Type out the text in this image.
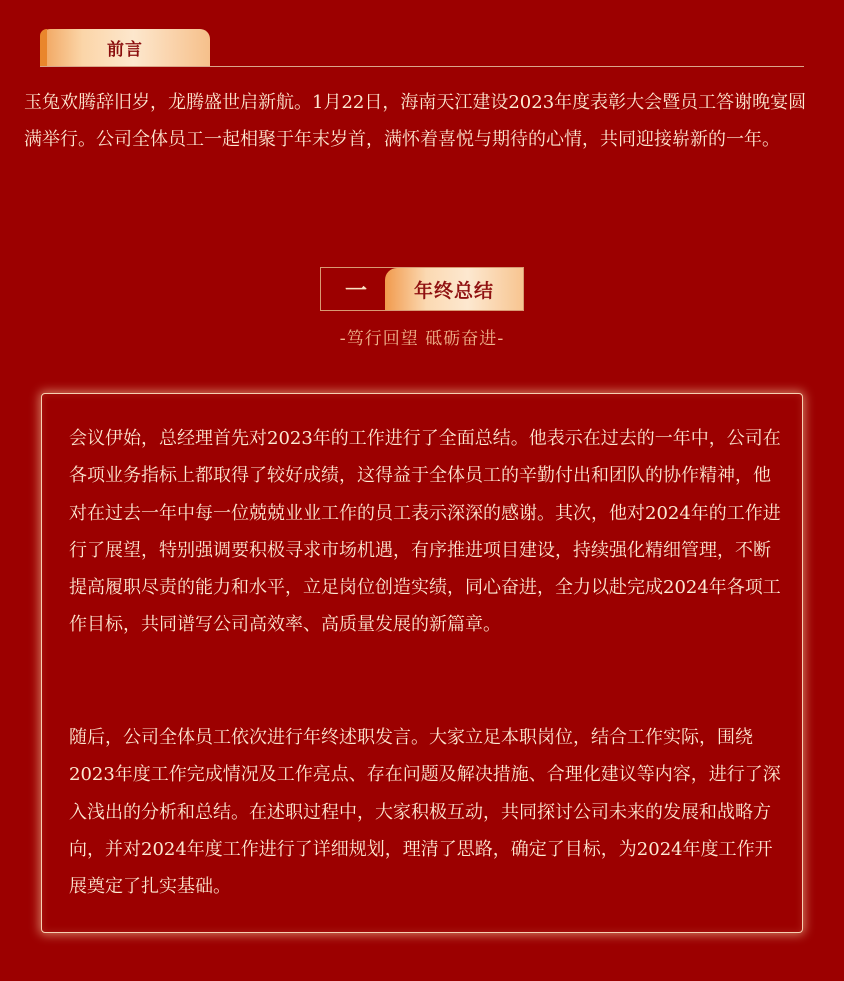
前言

玉兔欢腾辞旧岁，龙腾盛世启新航。1月22日，海南天江建设2023年度表彰大会暨员工答谢晚宴圆满举行。公司全体员工一起相聚于年末岁首，满怀着喜悦与期待的心情，共同迎接崭新的一年。

一	年终总结
-笃行回望 砥砺奋进-

会议伊始，总经理首先对2023年的工作进行了全面总结。他表示在过去的一年中，公司在各项业务指标上都取得了较好成绩，这得益于全体员工的辛勤付出和团队的协作精神，他对在过去一年中每一位兢兢业业工作的员工表示深深的感谢。其次，他对2024年的工作进行了展望，特别强调要积极寻求市场机遇，有序推进项目建设，持续强化精细管理，不断提高履职尽责的能力和水平，立足岗位创造实绩，同心奋进，全力以赴完成2024年各项工作目标，共同谱写公司高效率、高质量发展的新篇章。

随后，公司全体员工依次进行年终述职发言。大家立足本职岗位，结合工作实际，围绕2023年度工作完成情况及工作亮点、存在问题及解决措施、合理化建议等内容，进行了深入浅出的分析和总结。在述职过程中，大家积极互动，共同探讨公司未来的发展和战略方向，并对2024年度工作进行了详细规划，理清了思路，确定了目标，为2024年度工作开展奠定了扎实基础。
